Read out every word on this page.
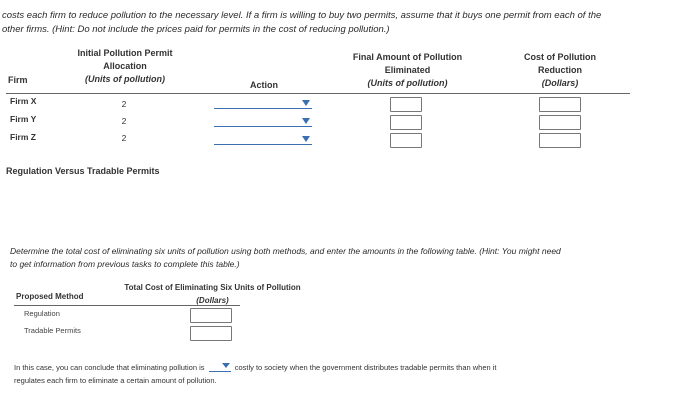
costs each firm to reduce pollution to the necessary level. If a firm is willing to buy two permits, assume that it buys one permit from each of the
other firms. (Hint: Do not include the prices paid for permits in the cost of reducing pollution.)
Initial Pollution Permit
Allocation
(Units of pollution)
Firm	Action
Final Amount of Pollution
Eliminated
(Units of pollution)
Cost of Pollution
Reduction
(Dollars)
Firm X
Firm Y
Firm Z
2
2
2
Regulation Versus Tradable Permits
Determine the total cost of eliminating six units of pollution using both methods, and enter the amounts in the following table. (Hint: You might need
to get information from previous tasks to complete this table.)
Total Cost of Eliminating Six Units of Pollution
(Dollars)
Proposed Method
Regulation
Tradable Permits
In this case, you can conclude that eliminating pollution is	costly to society when the government distributes tradable permits than when it
regulates each firm to eliminate a certain amount of pollution.
